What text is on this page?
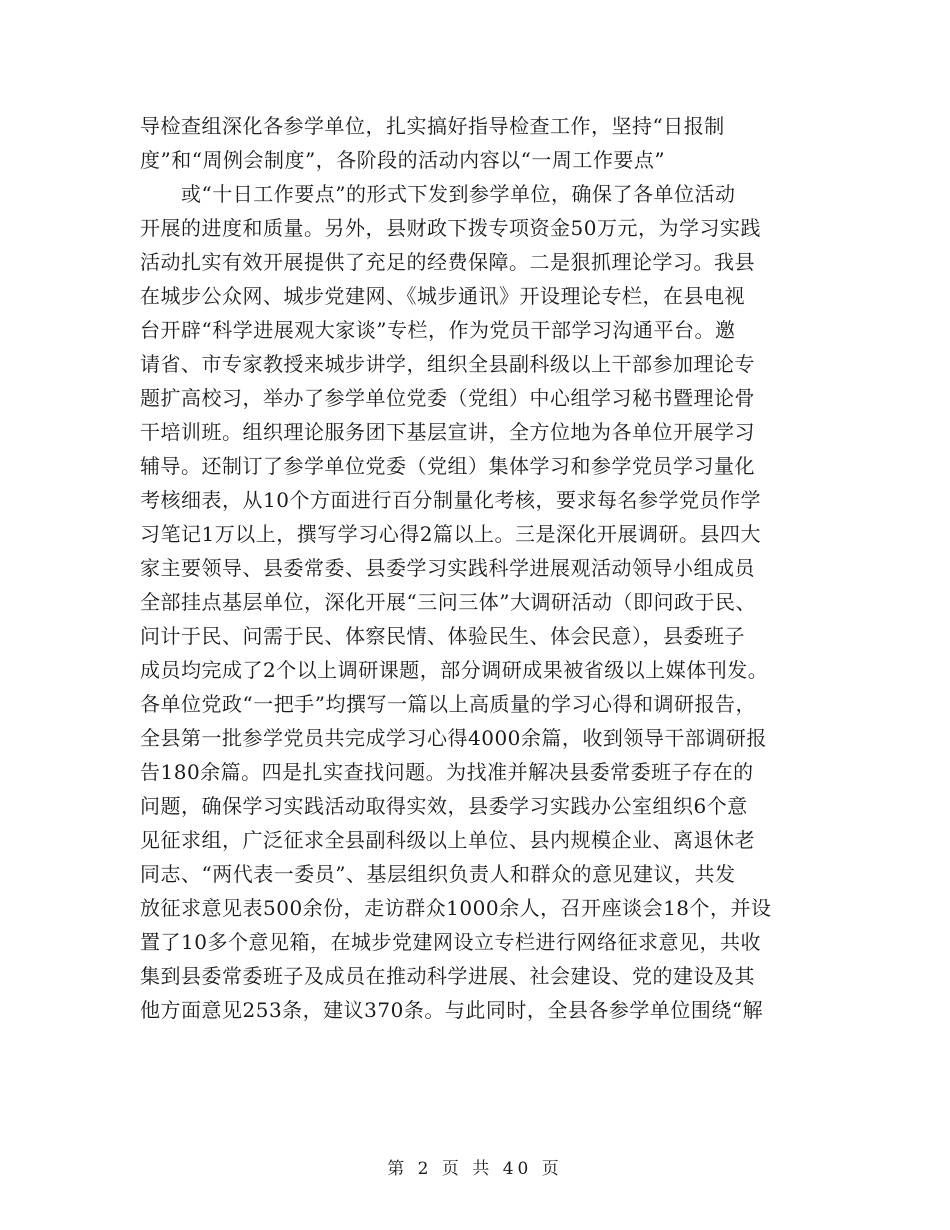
导检查组深化各参学单位，扎实搞好指导检查工作，坚持“日报制
度”和“周例会制度”，各阶段的活动内容以“一周工作要点”
或“十日工作要点”的形式下发到参学单位，确保了各单位活动
开展的进度和质量。另外，县财政下拨专项资金50万元，为学习实践
活动扎实有效开展提供了充足的经费保障。二是狠抓理论学习。我县
在城步公众网、城步党建网、《城步通讯》开设理论专栏，在县电视
台开辟“科学进展观大家谈”专栏，作为党员干部学习沟通平台。邀
请省、市专家教授来城步讲学，组织全县副科级以上干部参加理论专
题扩高校习，举办了参学单位党委（党组）中心组学习秘书暨理论骨
干培训班。组织理论服务团下基层宣讲，全方位地为各单位开展学习
辅导。还制订了参学单位党委（党组）集体学习和参学党员学习量化
考核细表，从10个方面进行百分制量化考核，要求每名参学党员作学
习笔记1万以上，撰写学习心得2篇以上。三是深化开展调研。县四大
家主要领导、县委常委、县委学习实践科学进展观活动领导小组成员
全部挂点基层单位，深化开展“三问三体”大调研活动（即问政于民、
问计于民、问需于民、体察民情、体验民生、体会民意），县委班子
成员均完成了2个以上调研课题，部分调研成果被省级以上媒体刊发。
各单位党政“一把手”均撰写一篇以上高质量的学习心得和调研报告，
全县第一批参学党员共完成学习心得4000余篇，收到领导干部调研报
告180余篇。四是扎实查找问题。为找准并解决县委常委班子存在的
问题，确保学习实践活动取得实效，县委学习实践办公室组织6个意
见征求组，广泛征求全县副科级以上单位、县内规模企业、离退休老
同志、“两代表一委员”、基层组织负责人和群众的意见建议，共发
放征求意见表500余份，走访群众1000余人，召开座谈会18个，并设
置了10多个意见箱，在城步党建网设立专栏进行网络征求意见，共收
集到县委常委班子及成员在推动科学进展、社会建设、党的建设及其
他方面意见253条，建议370条。与此同时，全县各参学单位围绕“解
第 2 页 共 40 页
